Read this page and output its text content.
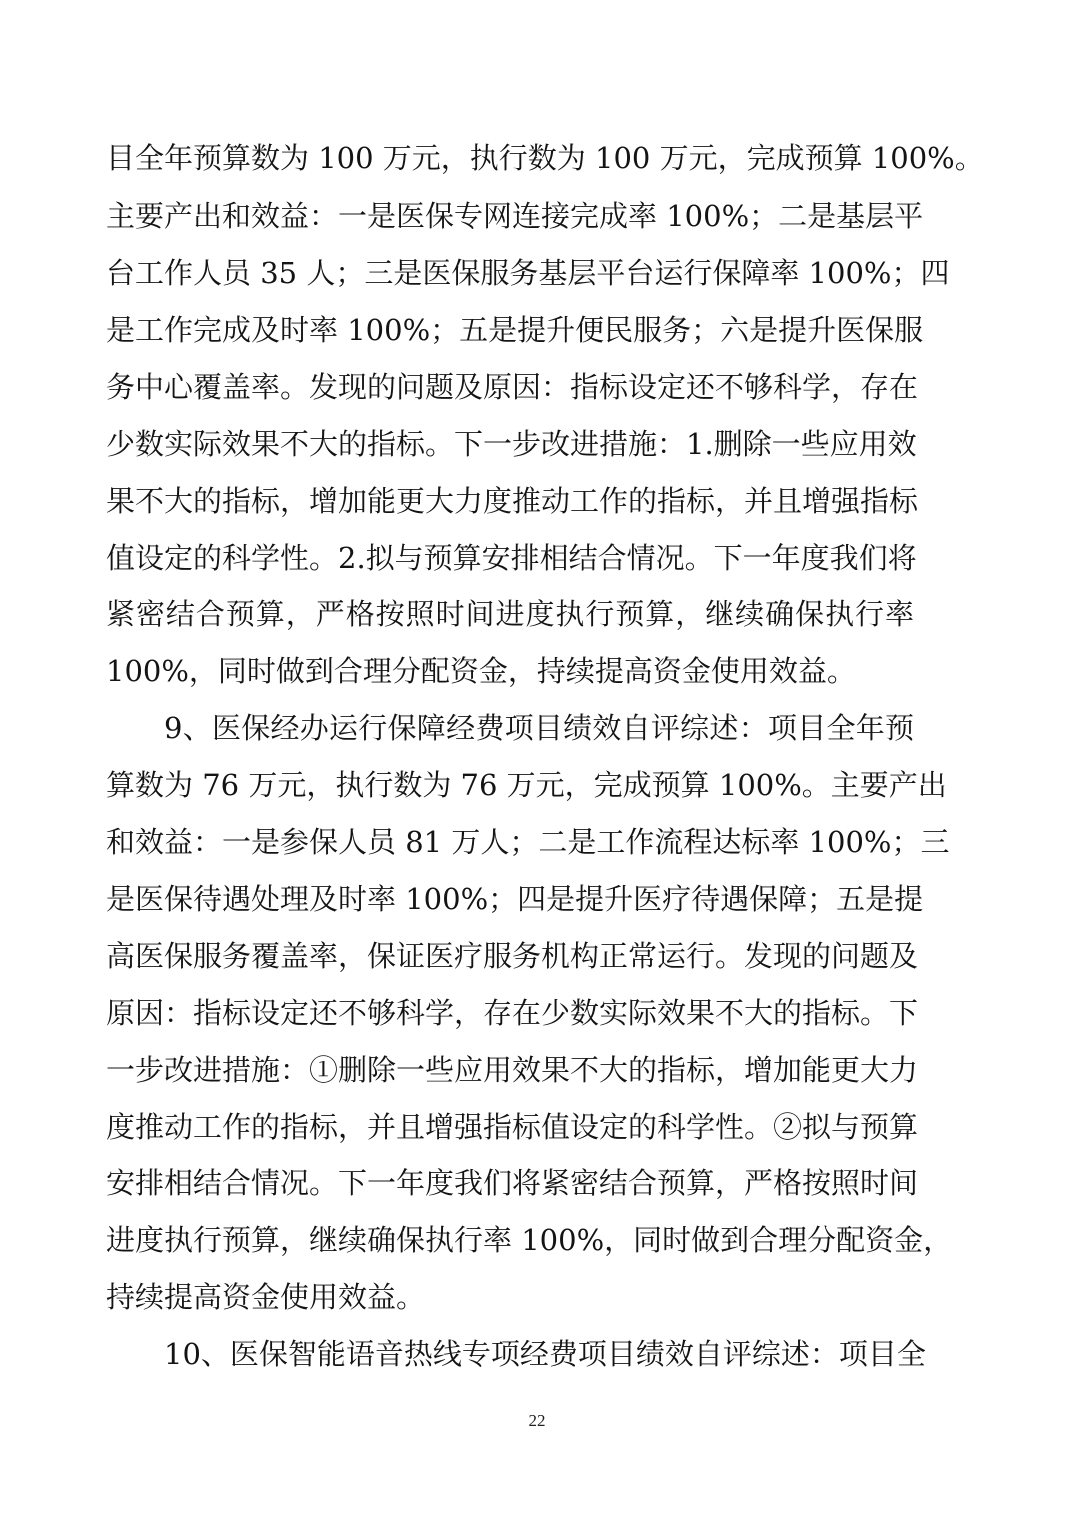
目全年预算数为 100 万元，执行数为 100 万元，完成预算 100%。
主要产出和效益：一是医保专网连接完成率 100%；二是基层平
台工作人员 35 人；三是医保服务基层平台运行保障率 100%；四
是工作完成及时率 100%；五是提升便民服务；六是提升医保服
务中心覆盖率。发现的问题及原因：指标设定还不够科学，存在
少数实际效果不大的指标。下一步改进措施：1.删除一些应用效
果不大的指标，增加能更大力度推动工作的指标，并且增强指标
值设定的科学性。2.拟与预算安排相结合情况。下一年度我们将
紧密结合预算，严格按照时间进度执行预算，继续确保执行率
100%，同时做到合理分配资金，持续提高资金使用效益。
9、医保经办运行保障经费项目绩效自评综述：项目全年预
算数为 76 万元，执行数为 76 万元，完成预算 100%。主要产出
和效益：一是参保人员 81 万人；二是工作流程达标率 100%；三
是医保待遇处理及时率 100%；四是提升医疗待遇保障；五是提
高医保服务覆盖率，保证医疗服务机构正常运行。发现的问题及
原因：指标设定还不够科学，存在少数实际效果不大的指标。下
一步改进措施：①删除一些应用效果不大的指标，增加能更大力
度推动工作的指标，并且增强指标值设定的科学性。②拟与预算
安排相结合情况。下一年度我们将紧密结合预算，严格按照时间
进度执行预算，继续确保执行率 100%，同时做到合理分配资金，
持续提高资金使用效益。
10、医保智能语音热线专项经费项目绩效自评综述：项目全
22
